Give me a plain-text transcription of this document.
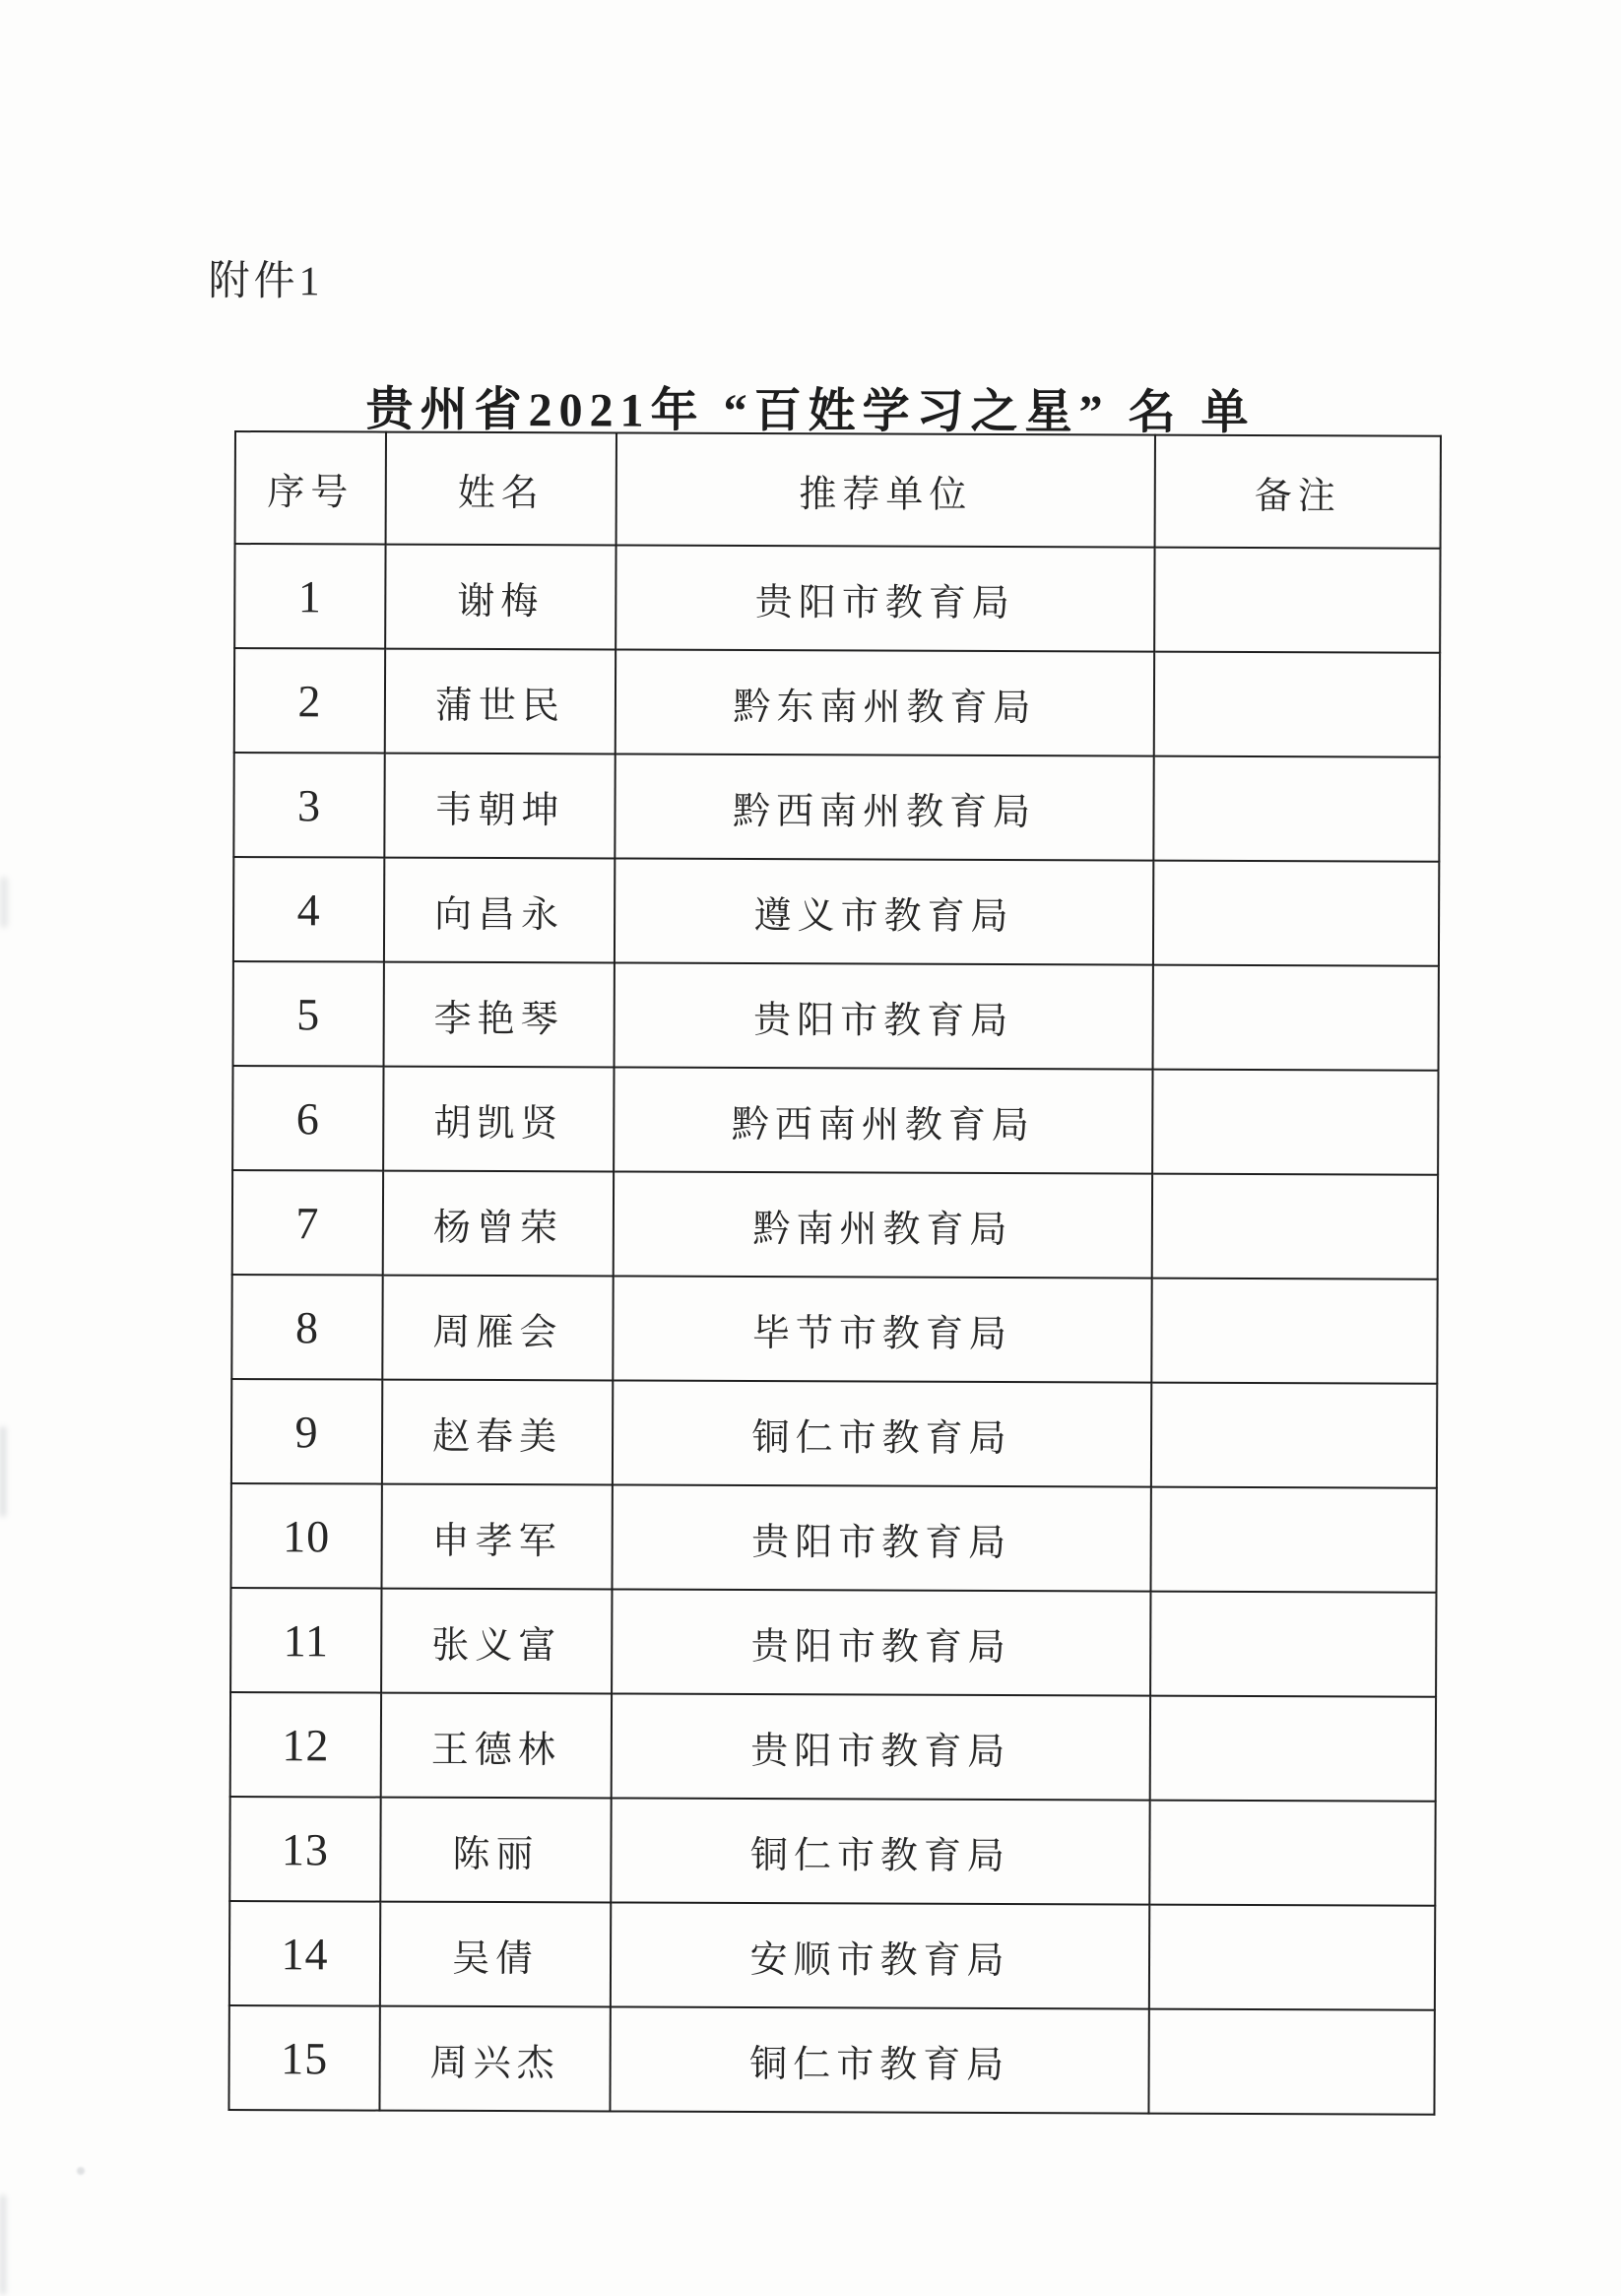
附件1
贵州省2021年 “百姓学习之星” 名 单
序号	姓名	推荐单位	备注
1	谢梅	贵阳市教育局	
2	蒲世民	黔东南州教育局	
3	韦朝坤	黔西南州教育局	
4	向昌永	遵义市教育局	
5	李艳琴	贵阳市教育局	
6	胡凯贤	黔西南州教育局	
7	杨曾荣	黔南州教育局	
8	周雁会	毕节市教育局	
9	赵春美	铜仁市教育局	
10	申孝军	贵阳市教育局	
11	张义富	贵阳市教育局	
12	王德林	贵阳市教育局	
13	陈丽	铜仁市教育局	
14	吴倩	安顺市教育局	
15	周兴杰	铜仁市教育局	
